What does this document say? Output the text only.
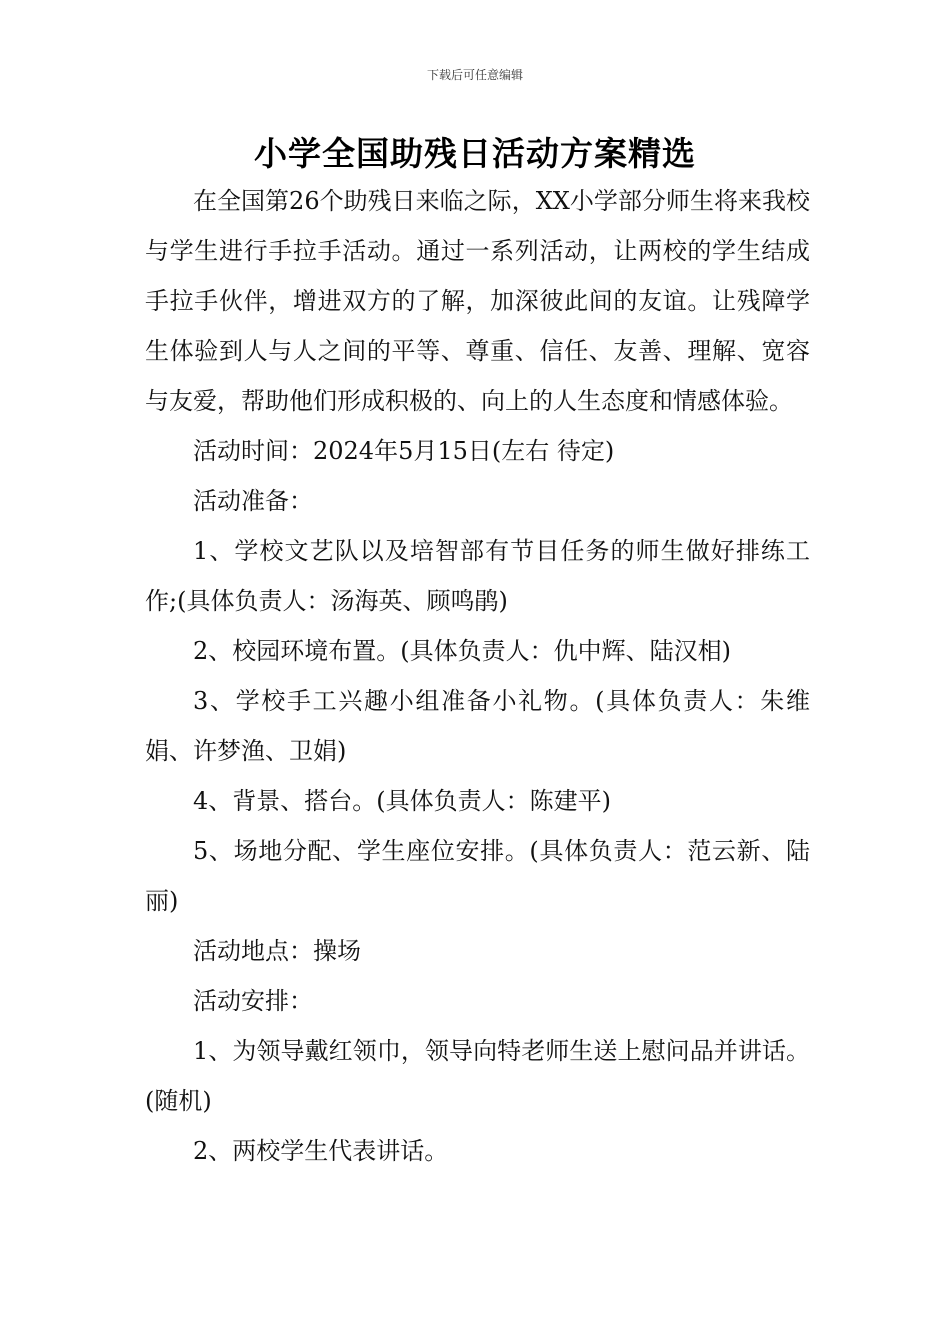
下载后可任意编辑
小学全国助残日活动方案精选

在全国第26个助残日来临之际，XX小学部分师生将来我校与学生进行手拉手活动。通过一系列活动，让两校的学生结成手拉手伙伴，增进双方的了解，加深彼此间的友谊。让残障学生体验到人与人之间的平等、尊重、信任、友善、理解、宽容与友爱，帮助他们形成积极的、向上的人生态度和情感体验。

活动时间：2024年5月15日(左右 待定)

活动准备：

1、学校文艺队以及培智部有节目任务的师生做好排练工作;(具体负责人：汤海英、顾鸣鹃)

2、校园环境布置。(具体负责人：仇中辉、陆汉相)

3、学校手工兴趣小组准备小礼物。(具体负责人：朱维娟、许梦渔、卫娟)

4、背景、搭台。(具体负责人：陈建平)

5、场地分配、学生座位安排。(具体负责人：范云新、陆丽)

活动地点：操场

活动安排：

1、为领导戴红领巾，领导向特老师生送上慰问品并讲话。(随机)

2、两校学生代表讲话。
